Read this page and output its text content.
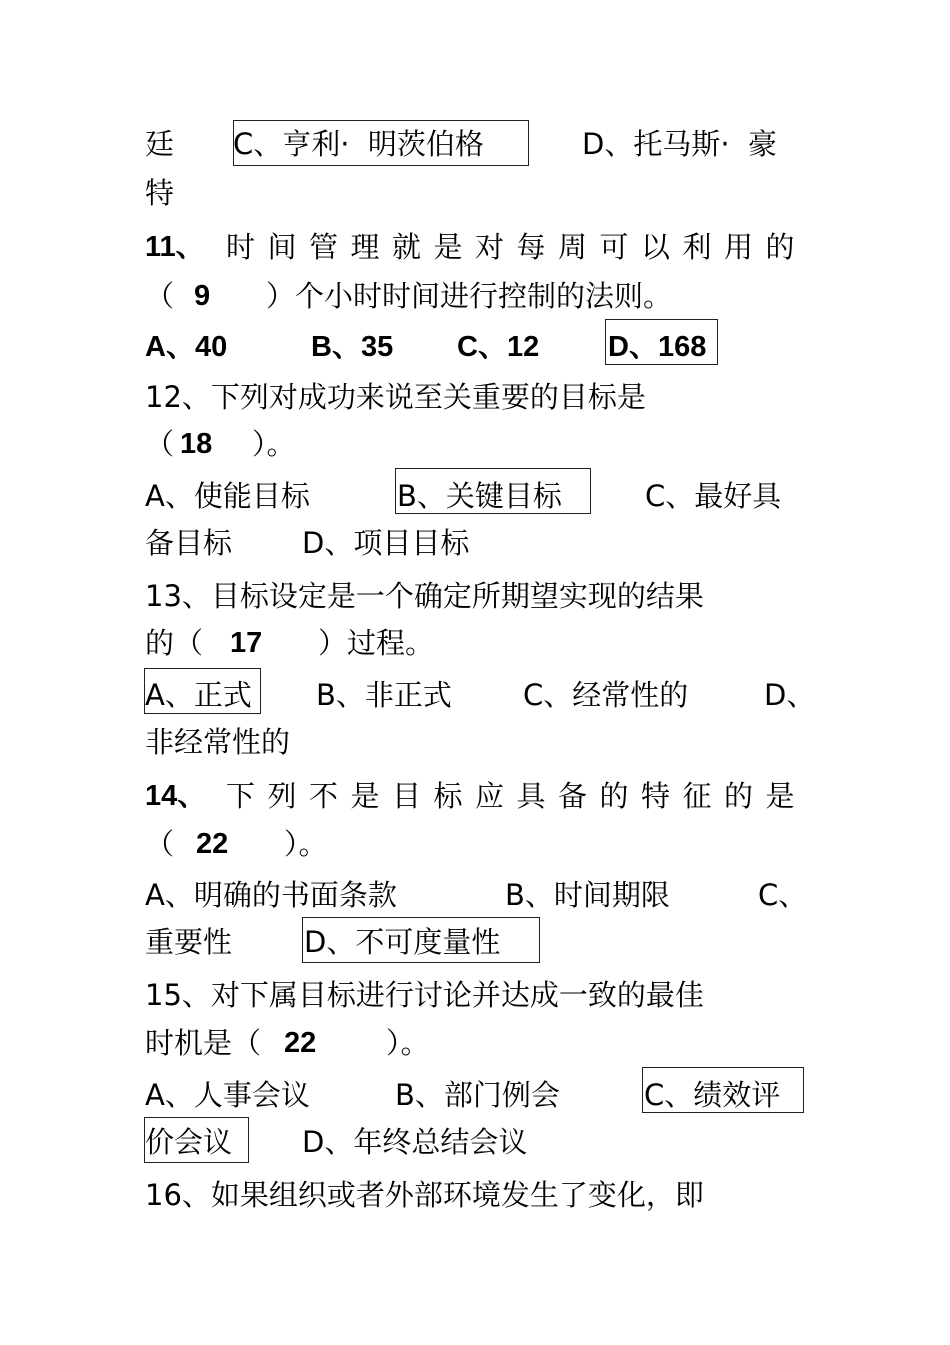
廷 C、亨利·  明茨伯格	D、托马斯·  豪
特
11、 时间管理就是对每周可以利用的
（ 9 ）个小时时间进行控制的法则。
A、40	B、35 C、12 D、168
12、下列对成功来说至关重要的目标是
（ 18 ）。
A、使能目标	B、关键目标	C、最好具
备目标 D、项目目标
13、目标设定是一个确定所期望实现的结果
的（ 17 ）过程。
A、正式 B、非正式 C、经常性的	D、
非经常性的
14、 下列不是目标应具备的特征的是
（ 22 ）。
A、明确的书面条款	B、时间期限	C、
重要性 D、不可度量性
15、对下属目标进行讨论并达成一致的最佳
时机是（ 22 ）。
A、人事会议	B、部门例会	C、绩效评
价会议 D、年终总结会议
16、如果组织或者外部环境发生了变化，即
